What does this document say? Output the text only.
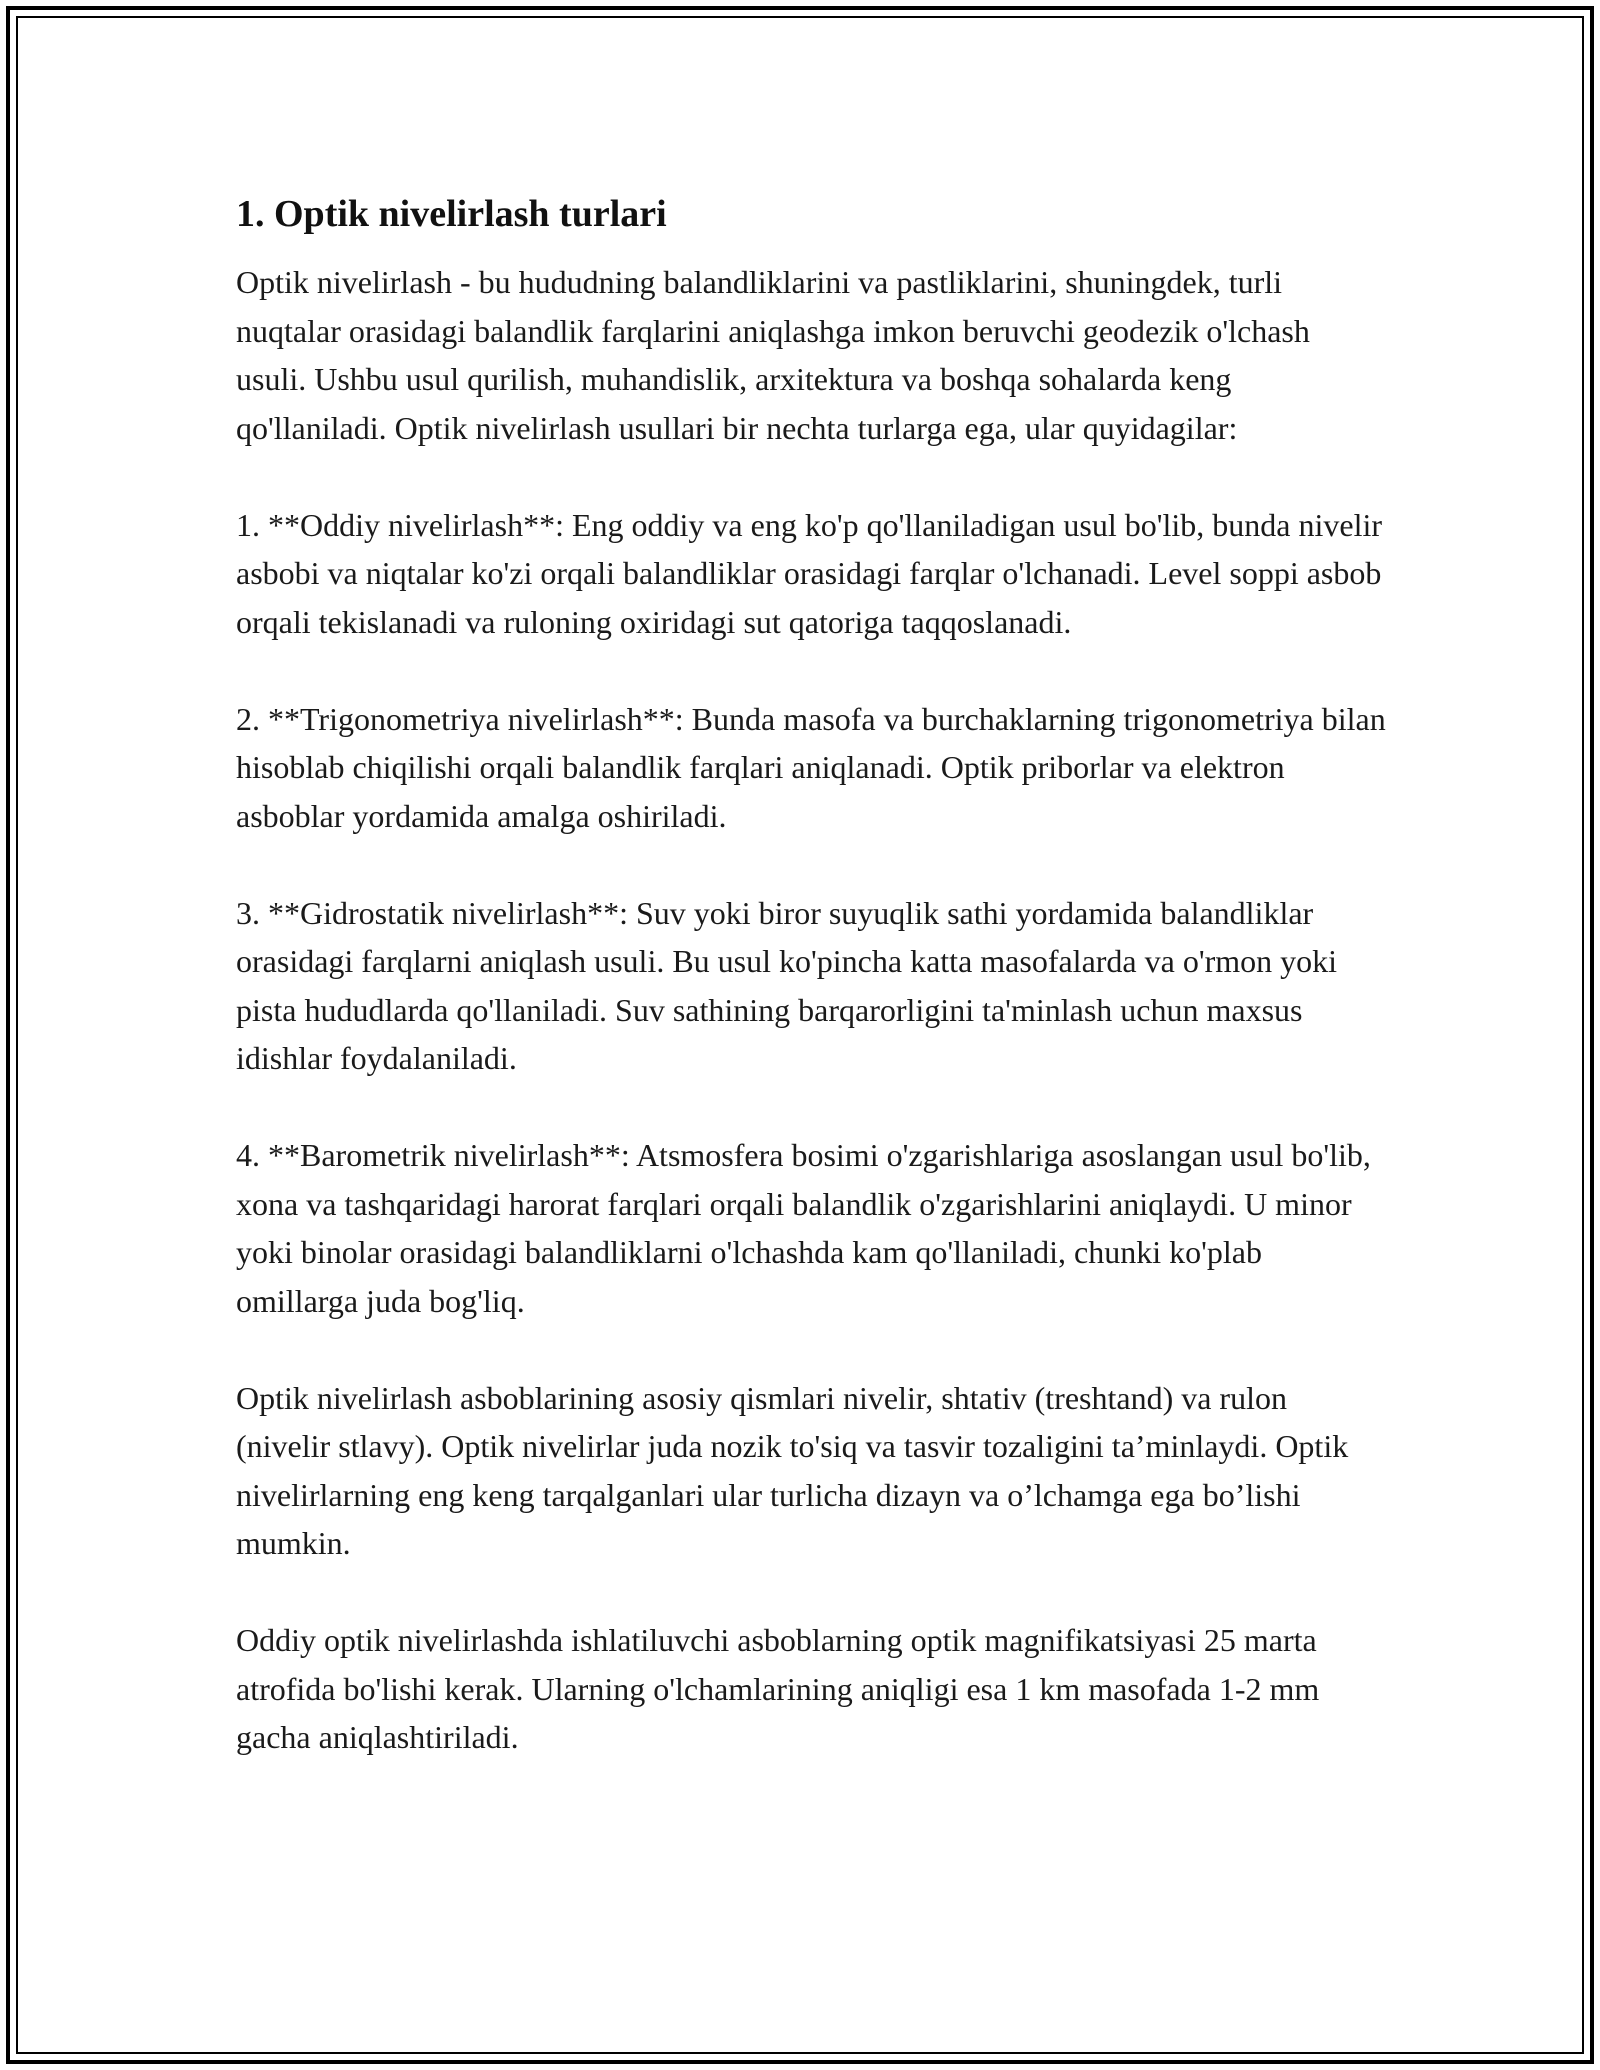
1. Optik nivelirlash turlari

Optik nivelirlash - bu hududning balandliklarini va pastliklarini, shuningdek, turli nuqtalar orasidagi balandlik farqlarini aniqlashga imkon beruvchi geodezik o'lchash usuli. Ushbu usul qurilish, muhandislik, arxitektura va boshqa sohalarda keng qo'llaniladi. Optik nivelirlash usullari bir nechta turlarga ega, ular quyidagilar:

1. **Oddiy nivelirlash**: Eng oddiy va eng ko'p qo'llaniladigan usul bo'lib, bunda nivelir asbobi va niqtalar ko'zi orqali balandliklar orasidagi farqlar o'lchanadi. Level soppi asbob orqali tekislanadi va ruloning oxiridagi sut qatoriga taqqoslanadi.

2. **Trigonometriya nivelirlash**: Bunda masofa va burchaklarning trigonometriya bilan hisoblab chiqilishi orqali balandlik farqlari aniqlanadi. Optik priborlar va elektron asboblar yordamida amalga oshiriladi.

3. **Gidrostatik nivelirlash**: Suv yoki biror suyuqlik sathi yordamida balandliklar orasidagi farqlarni aniqlash usuli. Bu usul ko'pincha katta masofalarda va o'rmon yoki pista hududlarda qo'llaniladi. Suv sathining barqarorligini ta'minlash uchun maxsus idishlar foydalaniladi.

4. **Barometrik nivelirlash**: Atsmosfera bosimi o'zgarishlariga asoslangan usul bo'lib, xona va tashqaridagi harorat farqlari orqali balandlik o'zgarishlarini aniqlaydi. U minor yoki binolar orasidagi balandliklarni o'lchashda kam qo'llaniladi, chunki ko'plab omillarga juda bog'liq.

Optik nivelirlash asboblarining asosiy qismlari nivelir, shtativ (treshtand) va rulon (nivelir stlavy). Optik nivelirlar juda nozik to'siq va tasvir tozaligini ta’minlaydi. Optik nivelirlarning eng keng tarqalganlari ular turlicha dizayn va o’lchamga ega bo’lishi mumkin.

Oddiy optik nivelirlashda ishlatiluvchi asboblarning optik magnifikatsiyasi 25 marta atrofida bo'lishi kerak. Ularning o'lchamlarining aniqligi esa 1 km masofada 1-2 mm gacha aniqlashtiriladi.
